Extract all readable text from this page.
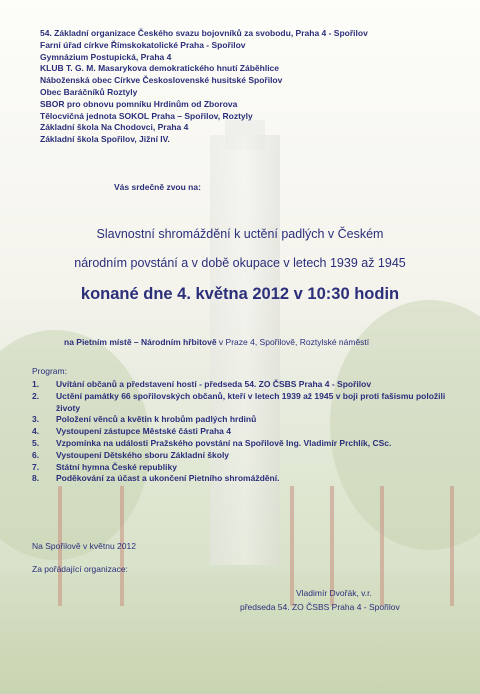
54. Základní organizace Českého svazu bojovníků za svobodu, Praha 4 - Spořilov
Farní úřad církve Římskokatolické Praha - Spořilov
Gymnázium Postupická, Praha 4
KLUB T. G. M. Masarykova demokratického hnutí Záběhlice
Náboženská obec Církve Československé husitské Spořilov
Obec Baráčníků Roztyly
SBOR pro obnovu pomníku Hrdinům od Zborova
Tělocvičná jednota SOKOL Praha – Spořilov, Roztyly
Základní škola Na Chodovci, Praha 4
Základní škola Spořilov, Jižní IV.
Vás srdečně zvou na:
Slavnostní shromáždění k uctění padlých v Českém
národním povstání a v době okupace v letech 1939 až 1945
konané dne 4. května 2012 v 10:30 hodin
na Pietním místě – Národním hřbitově v Praze 4, Spořilově, Roztylské náměstí
Program:
1.	Uvítání občanů a představení hostí - předseda 54. ZO ČSBS Praha 4 - Spořilov
2.	Uctění památky 66 spořilovských občanů, kteří v letech 1939 až 1945 v boji proti fašismu položili životy
3.	Položení věnců a květin k hrobům padlých hrdinů
4.	Vystoupení zástupce Městské části Praha 4
5.	Vzpomínka na události Pražského povstání na Spořilově Ing. Vladimír Prchlík, CSc.
6.	Vystoupení Dětského sboru Základní školy
7.	Státní hymna České republiky
8.	Poděkování za účast a ukončení Pietního shromáždění.
Na Spořilově v květnu 2012
Za pořádající organizace:
Vladimír Dvořák, v.r.
předseda 54. ZO ČSBS Praha 4 - Spořilov
